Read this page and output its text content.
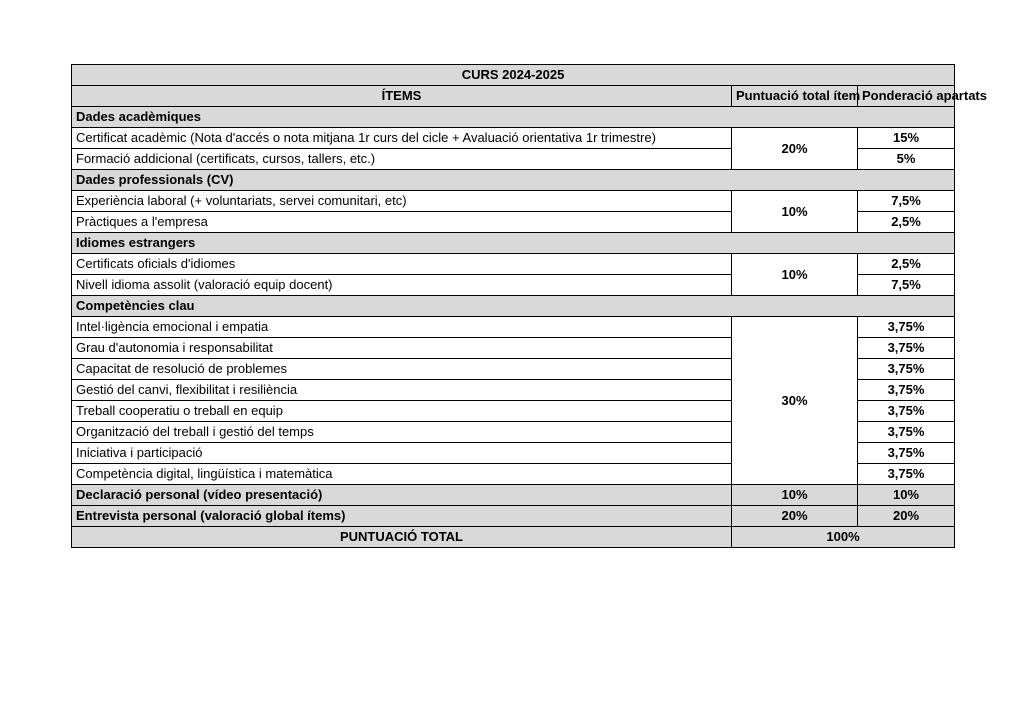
CURS 2024-2025		
ÍTEMS	Puntuació total ítem	Ponderació apartats
Dades acadèmiques		
Certificat acadèmic (Nota d'accés o nota mitjana 1r curs del cicle + Avaluació orientativa 1r trimestre)	20%	15%
Formació addicional (certificats, cursos, tallers, etc.)		5%
Dades professionals (CV)		
Experiència laboral (+ voluntariats, servei comunitari, etc)	10%	7,5%
Pràctiques a l'empresa		2,5%
Idiomes estrangers		
Certificats oficials d'idiomes	10%	2,5%
Nivell idioma assolit (valoració equip docent)		7,5%
Competències clau		
Intel·ligència emocional i empatia	30%	3,75%
Grau d'autonomia i responsabilitat		3,75%
Capacitat de resolució de problemes		3,75%
Gestió del canvi, flexibilitat i resiliència		3,75%
Treball cooperatiu o treball en equip		3,75%
Organització del treball i gestió del temps		3,75%
Iniciativa i participació		3,75%
Competència digital, lingüística i matemàtica		3,75%
Declaració personal (vídeo presentació)	10%	10%
Entrevista personal (valoració global ítems)	20%	20%
PUNTUACIÓ TOTAL	100%	
